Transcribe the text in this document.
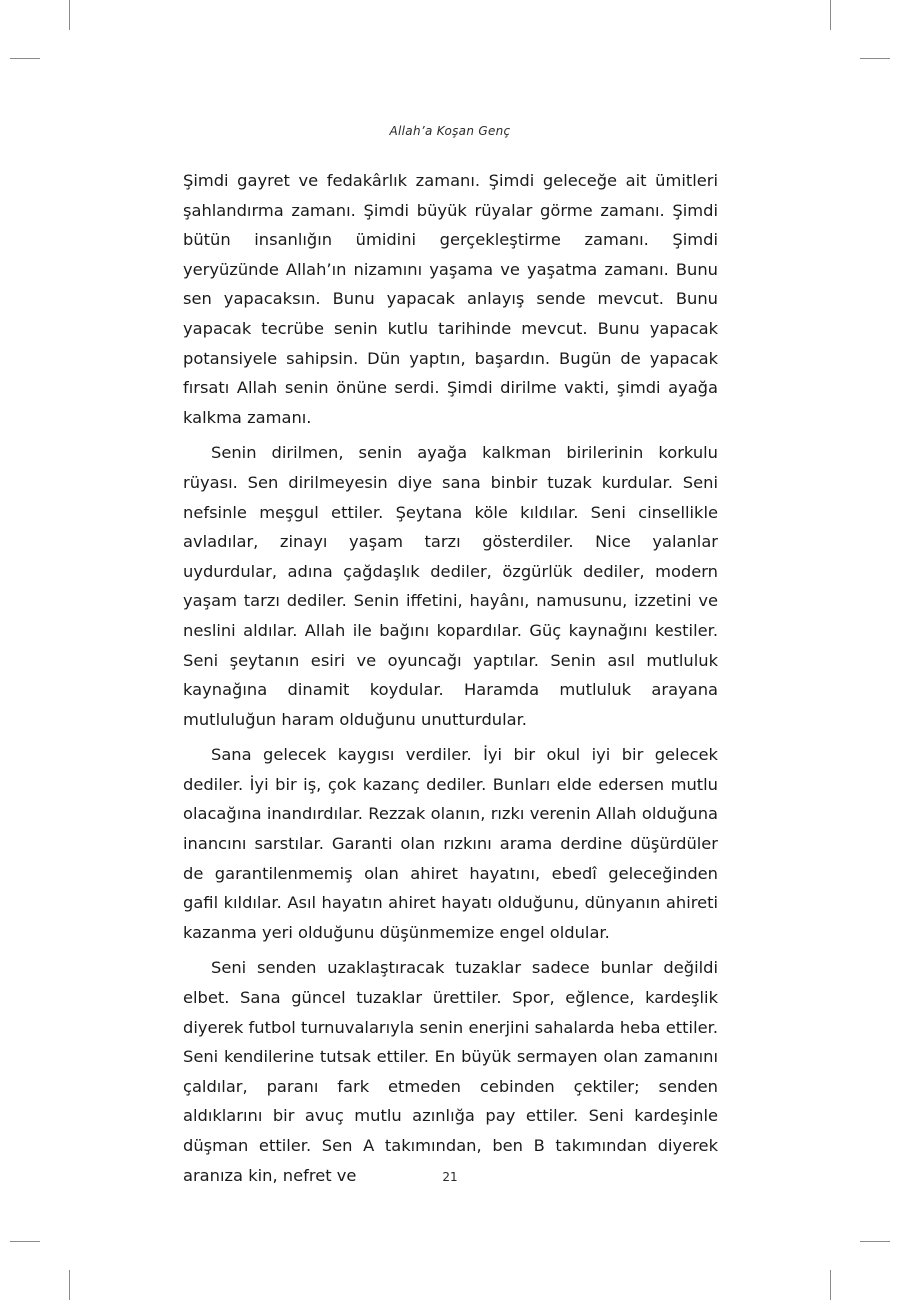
Allah’a Koşan Genç

Şimdi gayret ve fedakârlık zamanı. Şimdi geleceğe ait ümitleri şahlandırma zamanı. Şimdi büyük rüyalar görme zamanı. Şimdi bütün insanlığın ümidini gerçekleştirme zamanı. Şimdi yeryüzünde Allah’ın nizamını yaşama ve yaşatma zamanı. Bunu sen yapacaksın. Bunu yapacak anlayış sende mevcut. Bunu yapacak tecrübe senin kutlu tarihinde mevcut. Bunu yapacak potansiyele sahipsin. Dün yaptın, başardın. Bugün de yapacak fırsatı Allah senin önüne serdi. Şimdi dirilme vakti, şimdi ayağa kalkma zamanı.

Senin dirilmen, senin ayağa kalkman birilerinin korkulu rüyası. Sen dirilmeyesin diye sana binbir tuzak kurdular. Seni nefsinle meşgul ettiler. Şeytana köle kıldılar. Seni cinsellikle avladılar, zinayı yaşam tarzı gösterdiler. Nice yalanlar uydurdular, adına çağdaşlık dediler, özgürlük dediler, modern yaşam tarzı dediler. Senin iffetini, hayânı, namusunu, izzetini ve neslini aldılar. Allah ile bağını kopardılar. Güç kaynağını kestiler. Seni şeytanın esiri ve oyuncağı yaptılar. Senin asıl mutluluk kaynağına dinamit koydular. Haramda mutluluk arayana mutluluğun haram olduğunu unutturdular.

Sana gelecek kaygısı verdiler. İyi bir okul iyi bir gelecek dediler. İyi bir iş, çok kazanç dediler. Bunları elde edersen mutlu olacağına inandırdılar. Rezzak olanın, rızkı verenin Allah olduğuna inancını sarstılar. Garanti olan rızkını arama derdine düşürdüler de garantilenmemiş olan ahiret hayatını, ebedî geleceğinden gafil kıldılar. Asıl hayatın ahiret hayatı olduğunu, dünyanın ahireti kazanma yeri olduğunu düşünmemize engel oldular.

Seni senden uzaklaştıracak tuzaklar sadece bunlar değildi elbet. Sana güncel tuzaklar ürettiler. Spor, eğlence, kardeşlik diyerek futbol turnuvalarıyla senin enerjini sahalarda heba ettiler. Seni kendilerine tutsak ettiler. En büyük sermayen olan zamanını çaldılar, paranı fark etmeden cebinden çektiler; senden aldıklarını bir avuç mutlu azınlığa pay ettiler. Seni kardeşinle düşman ettiler. Sen A takımından, ben B takımından diyerek aranıza kin, nefret ve	21
